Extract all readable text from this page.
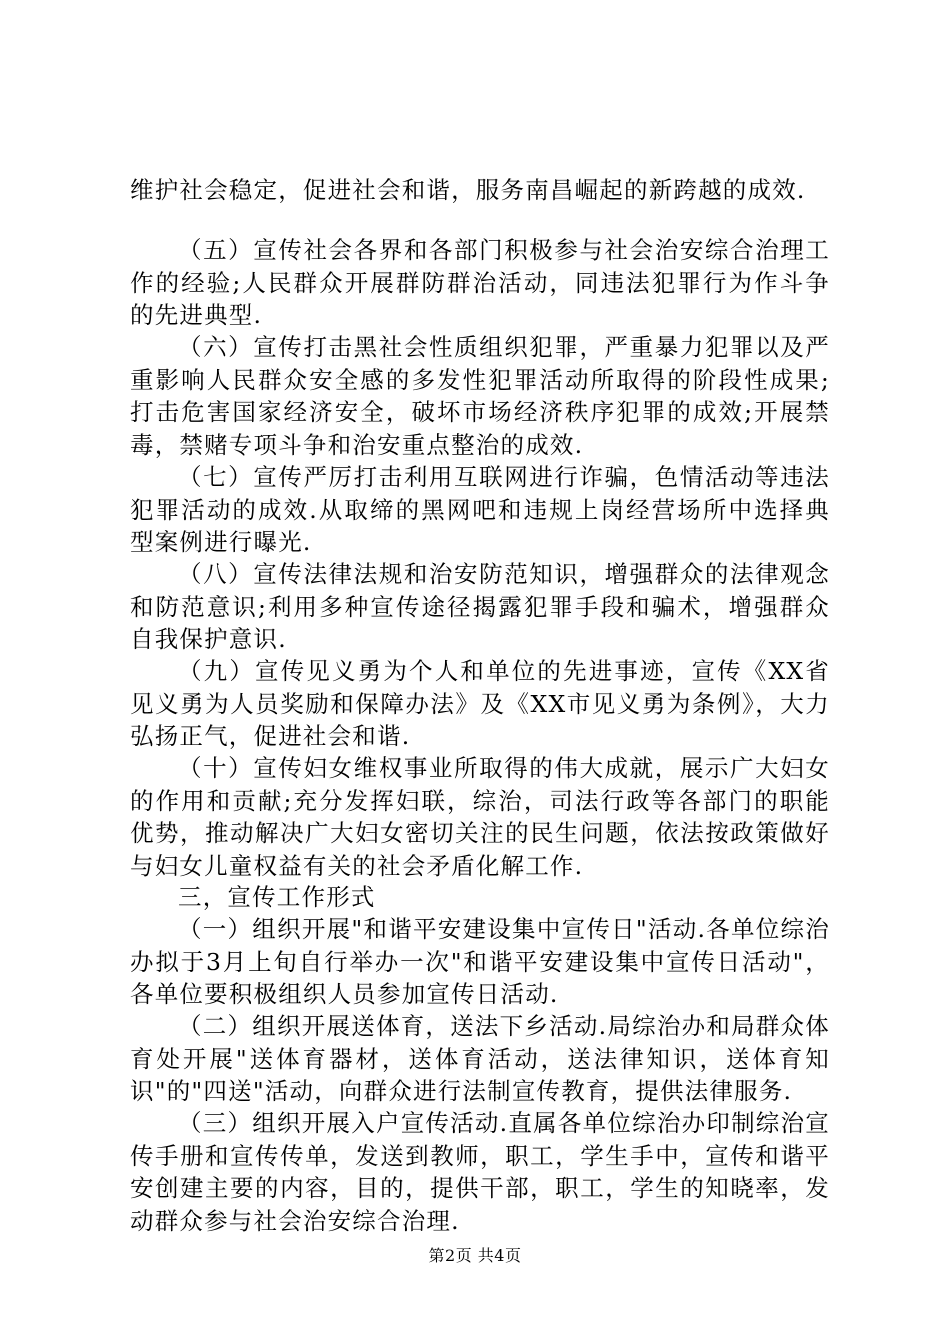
维护社会稳定，促进社会和谐，服务南昌崛起的新跨越的成效.

（五）宣传社会各界和各部门积极参与社会治安综合治理工作的经验;人民群众开展群防群治活动，同违法犯罪行为作斗争的先进典型.

（六）宣传打击黑社会性质组织犯罪，严重暴力犯罪以及严重影响人民群众安全感的多发性犯罪活动所取得的阶段性成果;打击危害国家经济安全，破坏市场经济秩序犯罪的成效;开展禁毒，禁赌专项斗争和治安重点整治的成效.

（七）宣传严厉打击利用互联网进行诈骗，色情活动等违法犯罪活动的成效.从取缔的黑网吧和违规上岗经营场所中选择典型案例进行曝光.

（八）宣传法律法规和治安防范知识，增强群众的法律观念和防范意识;利用多种宣传途径揭露犯罪手段和骗术，增强群众自我保护意识.

（九）宣传见义勇为个人和单位的先进事迹，宣传《XX省见义勇为人员奖励和保障办法》及《XX市见义勇为条例》，大力弘扬正气，促进社会和谐.

（十）宣传妇女维权事业所取得的伟大成就，展示广大妇女的作用和贡献;充分发挥妇联，综治，司法行政等各部门的职能优势，推动解决广大妇女密切关注的民生问题，依法按政策做好与妇女儿童权益有关的社会矛盾化解工作.

三，宣传工作形式

（一）组织开展"和谐平安建设集中宣传日"活动.各单位综治办拟于3月上旬自行举办一次"和谐平安建设集中宣传日活动"，各单位要积极组织人员参加宣传日活动.

（二）组织开展送体育，送法下乡活动.局综治办和局群众体育处开展"送体育器材，送体育活动，送法律知识，送体育知识"的"四送"活动，向群众进行法制宣传教育，提供法律服务.

（三）组织开展入户宣传活动.直属各单位综治办印制综治宣传手册和宣传传单，发送到教师，职工，学生手中，宣传和谐平安创建主要的内容，目的，提供干部，职工，学生的知晓率，发动群众参与社会治安综合治理.

第2页 共4页
